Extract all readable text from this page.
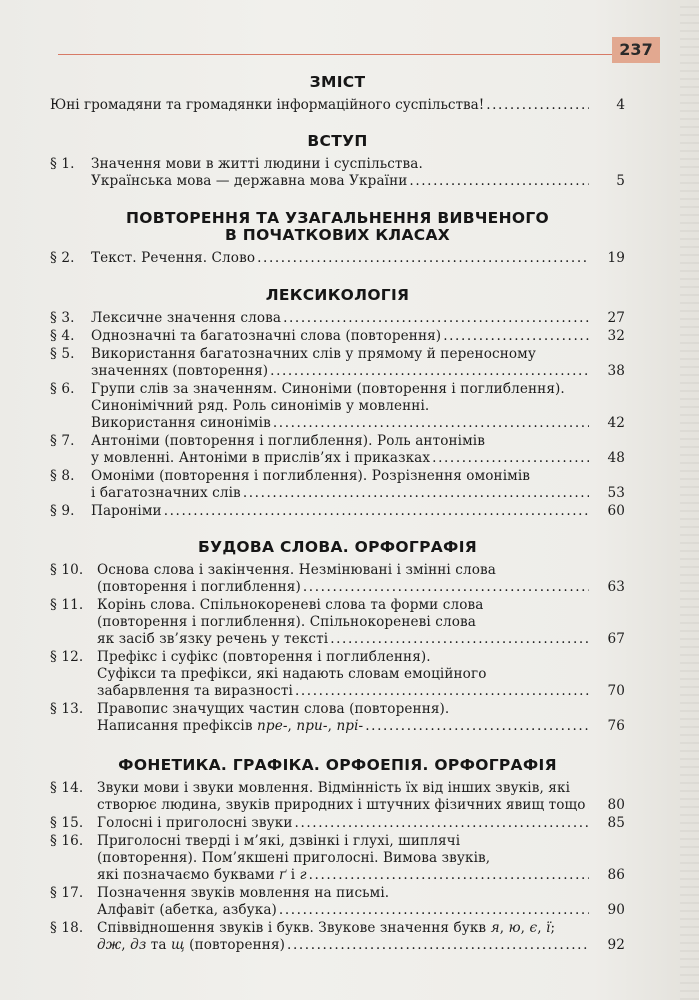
237
ЗМІСТ
Юні громадяни та громадянки інформаційного суспільства! .....	4
ВСТУП
§ 1. Значення мови в житті людини і суспільства.
Українська мова — державна мова України .....	5
ПОВТОРЕННЯ ТА УЗАГАЛЬНЕННЯ ВИВЧЕНОГО
В ПОЧАТКОВИХ КЛАСАХ
§ 2. Текст. Речення. Слово .....	19
ЛЕКСИКОЛОГІЯ
§ 3. Лексичне значення слова .....	27
§ 4. Однозначні та багатозначні слова (повторення) .....	32
§ 5. Використання багатозначних слів у прямому й переносному
значеннях (повторення) .....	38
§ 6. Групи слів за значенням. Синоніми (повторення і поглиблення).
Синонімічний ряд. Роль синонімів у мовленні.
Використання синонімів .....	42
§ 7. Антоніми (повторення і поглиблення). Роль антонімів
у мовленні. Антоніми в прислів’ях і приказках .....	48
§ 8. Омоніми (повторення і поглиблення). Розрізнення омонімів
і багатозначних слів .....	53
§ 9. Пароніми .....	60
БУДОВА СЛОВА. ОРФОГРАФІЯ
§ 10. Основа слова і закінчення. Незмінювані і змінні слова
(повторення і поглиблення) .....	63
§ 11. Корінь слова. Спільнокореневі слова та форми слова
(повторення і поглиблення). Спільнокореневі слова
як засіб зв’язку речень у тексті .....	67
§ 12. Префікс і суфікс (повторення і поглиблення).
Суфікси та префікси, які надають словам емоційного
забарвлення та виразності .....	70
§ 13. Правопис значущих частин слова (повторення).
Написання префіксів пре-, при-, прі- .....	76
ФОНЕТИКА. ГРАФІКА. ОРФОЕПІЯ. ОРФОГРАФІЯ
§ 14. Звуки мови і звуки мовлення. Відмінність їх від інших звуків, які
створює людина, звуків природних і штучних фізичних явищ тощо ..... 80
§ 15. Голосні і приголосні звуки .....	85
§ 16. Приголосні тверді і м’які, дзвінкі і глухі, шиплячі
(повторення). Пом’якшені приголосні. Вимова звуків,
які позначаємо буквами ґ і г .....	86
§ 17. Позначення звуків мовлення на письмі.
Алфавіт (абетка, азбука) .....	90
§ 18. Співвідношення звуків і букв. Звукове значення букв я, ю, є, ї;
дж, дз та щ (повторення) .....	92
